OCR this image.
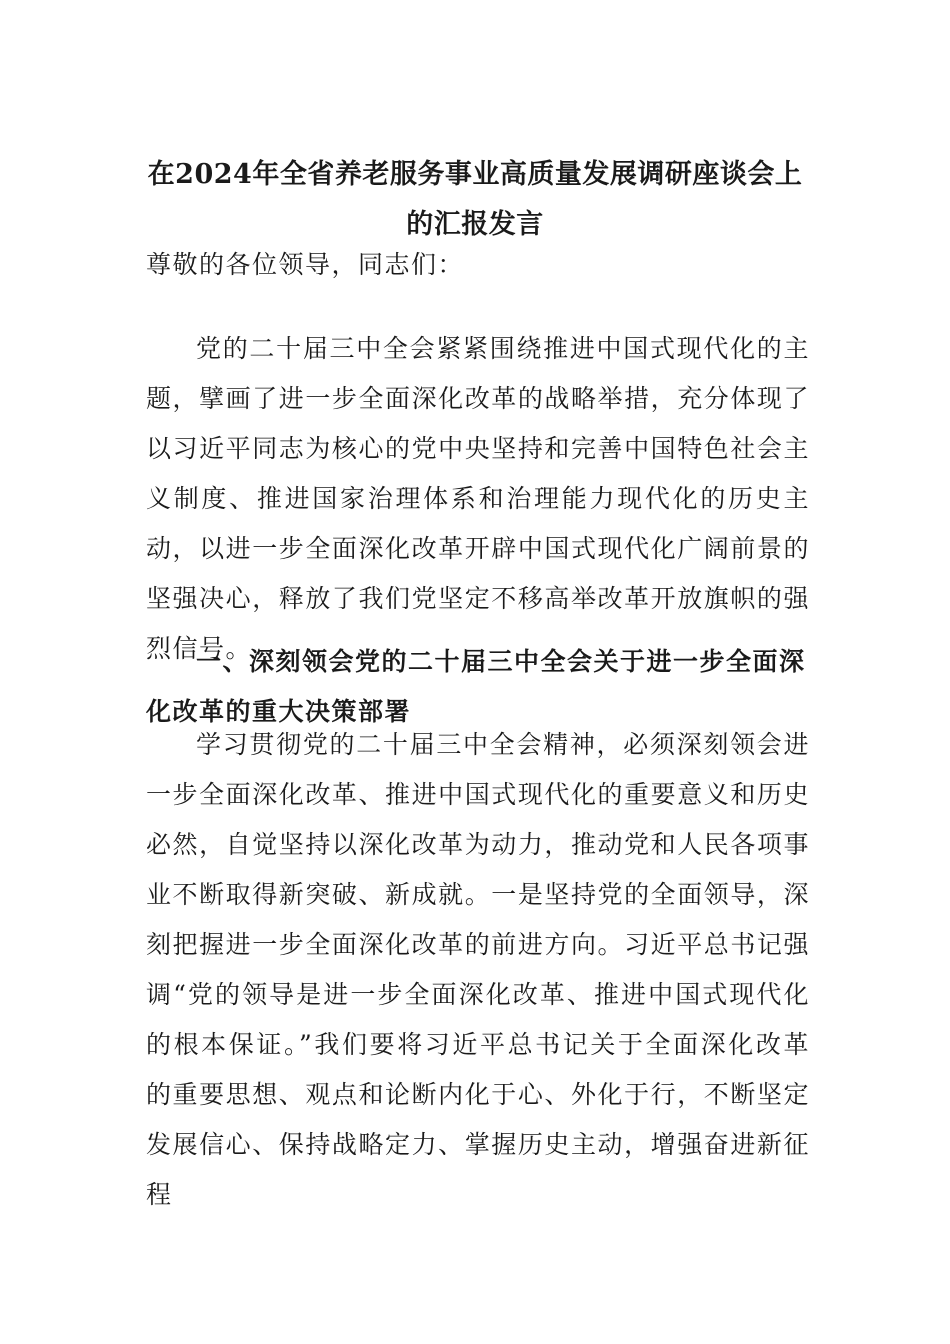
在2024年全省养老服务事业高质量发展调研座谈会上的汇报发言
尊敬的各位领导，同志们：
党的二十届三中全会紧紧围绕推进中国式现代化的主题，擘画了进一步全面深化改革的战略举措，充分体现了以习近平同志为核心的党中央坚持和完善中国特色社会主义制度、推进国家治理体系和治理能力现代化的历史主动，以进一步全面深化改革开辟中国式现代化广阔前景的坚强决心，释放了我们党坚定不移高举改革开放旗帜的强烈信号。
一、深刻领会党的二十届三中全会关于进一步全面深化改革的重大决策部署
学习贯彻党的二十届三中全会精神，必须深刻领会进一步全面深化改革、推进中国式现代化的重要意义和历史必然，自觉坚持以深化改革为动力，推动党和人民各项事业不断取得新突破、新成就。一是坚持党的全面领导，深刻把握进一步全面深化改革的前进方向。习近平总书记强调“党的领导是进一步全面深化改革、推进中国式现代化的根本保证。”我们要将习近平总书记关于全面深化改革的重要思想、观点和论断内化于心、外化于行，不断坚定发展信心、保持战略定力、掌握历史主动，增强奋进新征程
